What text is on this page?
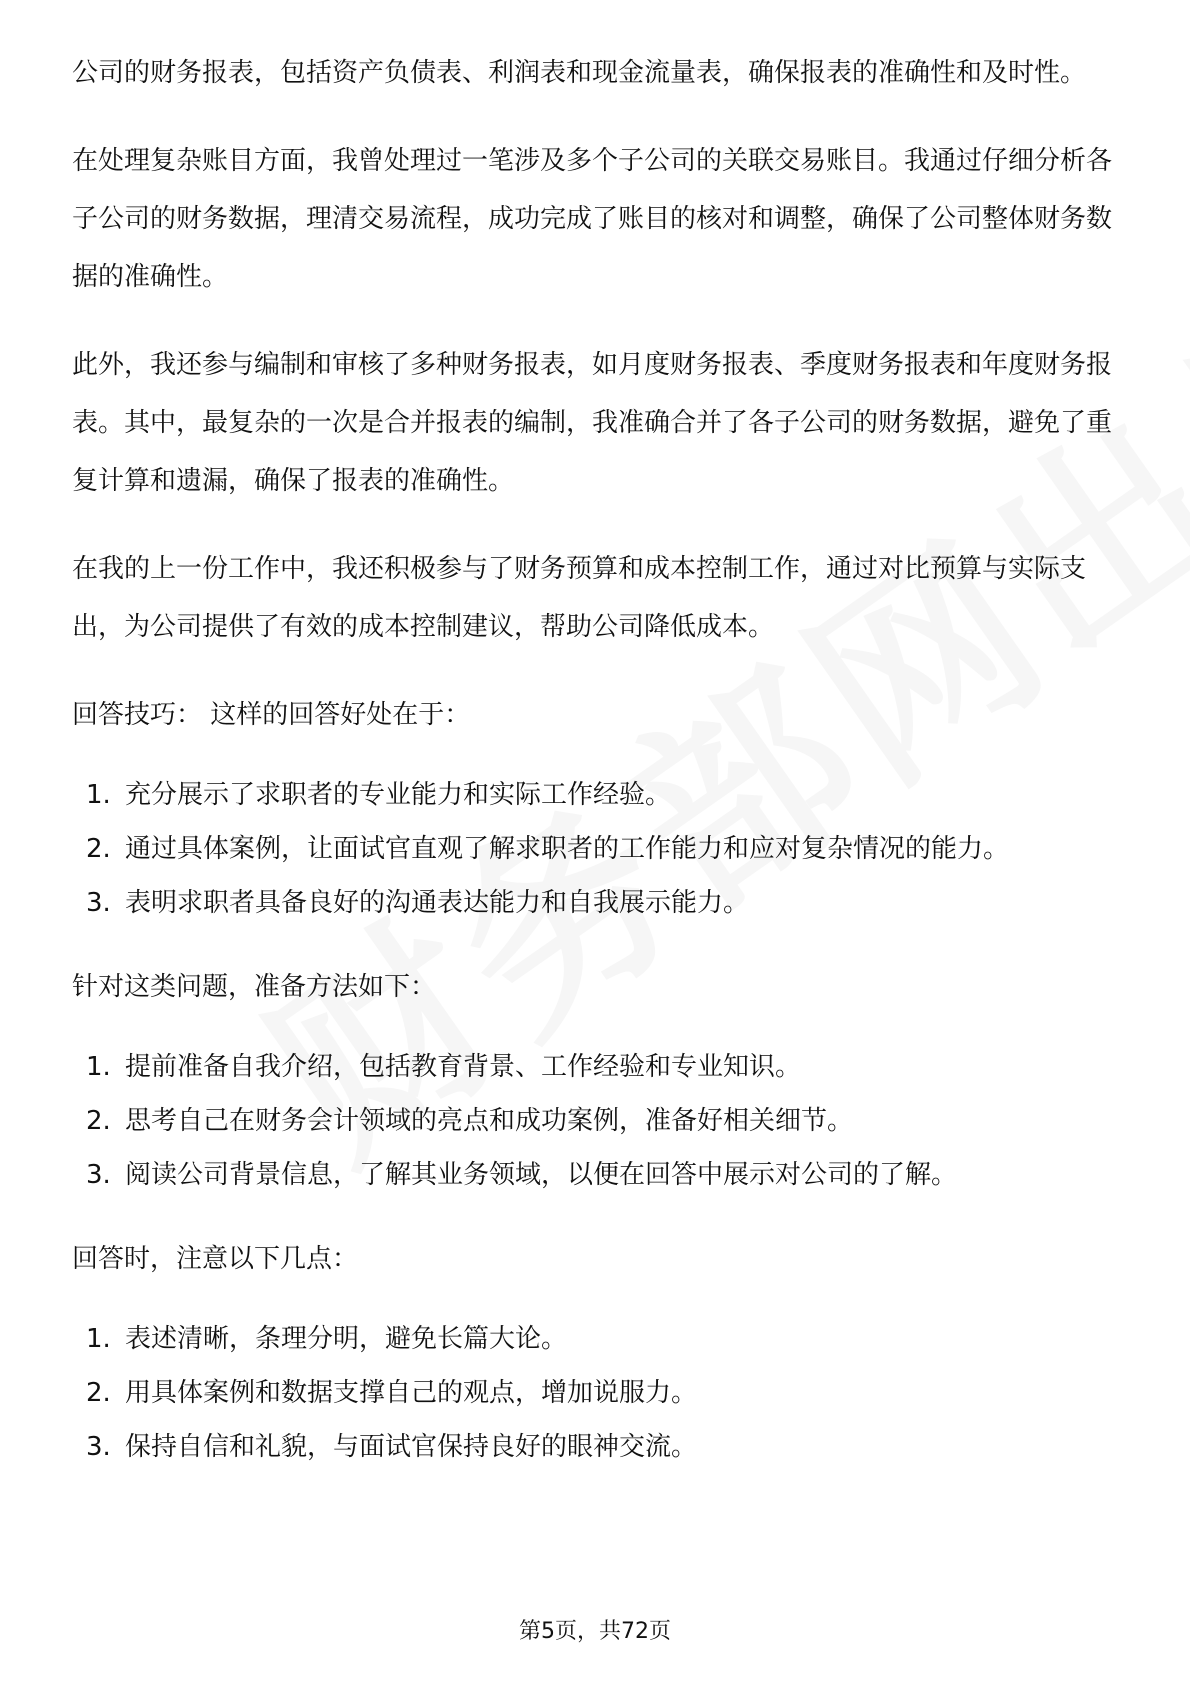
公司的财务报表，包括资产负债表、利润表和现金流量表，确保报表的准确性和及时性。

在处理复杂账目方面，我曾处理过一笔涉及多个子公司的关联交易账目。我通过仔细分析各子公司的财务数据，理清交易流程，成功完成了账目的核对和调整，确保了公司整体财务数据的准确性。

此外，我还参与编制和审核了多种财务报表，如月度财务报表、季度财务报表和年度财务报表。其中，最复杂的一次是合并报表的编制，我准确合并了各子公司的财务数据，避免了重复计算和遗漏，确保了报表的准确性。

在我的上一份工作中，我还积极参与了财务预算和成本控制工作，通过对比预算与实际支出，为公司提供了有效的成本控制建议，帮助公司降低成本。

回答技巧： 这样的回答好处在于：

1. 充分展示了求职者的专业能力和实际工作经验。
2. 通过具体案例，让面试官直观了解求职者的工作能力和应对复杂情况的能力。
3. 表明求职者具备良好的沟通表达能力和自我展示能力。

针对这类问题，准备方法如下：

1. 提前准备自我介绍，包括教育背景、工作经验和专业知识。
2. 思考自己在财务会计领域的亮点和成功案例，准备好相关细节。
3. 阅读公司背景信息，了解其业务领域，以便在回答中展示对公司的了解。

回答时，注意以下几点：

1. 表述清晰，条理分明，避免长篇大论。
2. 用具体案例和数据支撑自己的观点，增加说服力。
3. 保持自信和礼貌，与面试官保持良好的眼神交流。
第5页，共72页
